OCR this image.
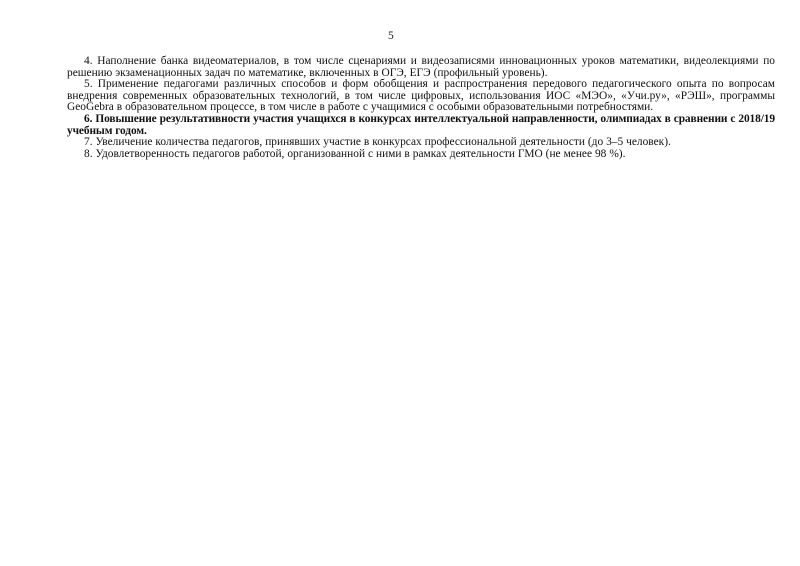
5

4. Наполнение банка видеоматериалов, в том числе сценариями и видеозаписями инновационных уроков математики, видеолекциями по решению экзаменационных задач по математике, включенных в ОГЭ, ЕГЭ (профильный уровень).

5. Применение педагогами различных способов и форм обобщения и распространения передового педагогического опыта по вопросам внедрения современных образовательных технологий, в том числе цифровых, использования ИОС «МЭО», «Учи.ру», «РЭШ», программы GeoGebra в образовательном процессе, в том числе в работе с учащимися с особыми образовательными потребностями.

6. Повышение результативности участия учащихся в конкурсах интеллектуальной направленности, олимпиадах в сравнении с 2018/19 учебным годом.

7. Увеличение количества педагогов, принявших участие в конкурсах профессиональной деятельности (до 3–5 человек).

8. Удовлетворенность педагогов работой, организованной с ними в рамках деятельности ГМО (не менее 98 %).
